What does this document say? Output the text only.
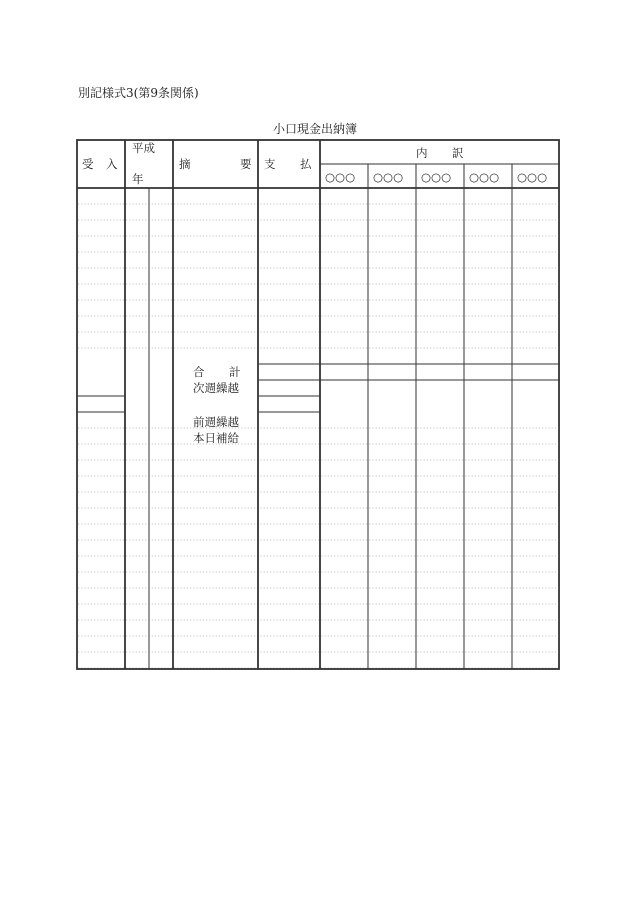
別記様式3(第9条関係)
小口現金出納簿
受 入
平成
年
摘	要 支 払
内 訳
○○○ ○○○ ○○○ ○○○ ○○○
合 計
次週繰越
前週繰越
本日補給
